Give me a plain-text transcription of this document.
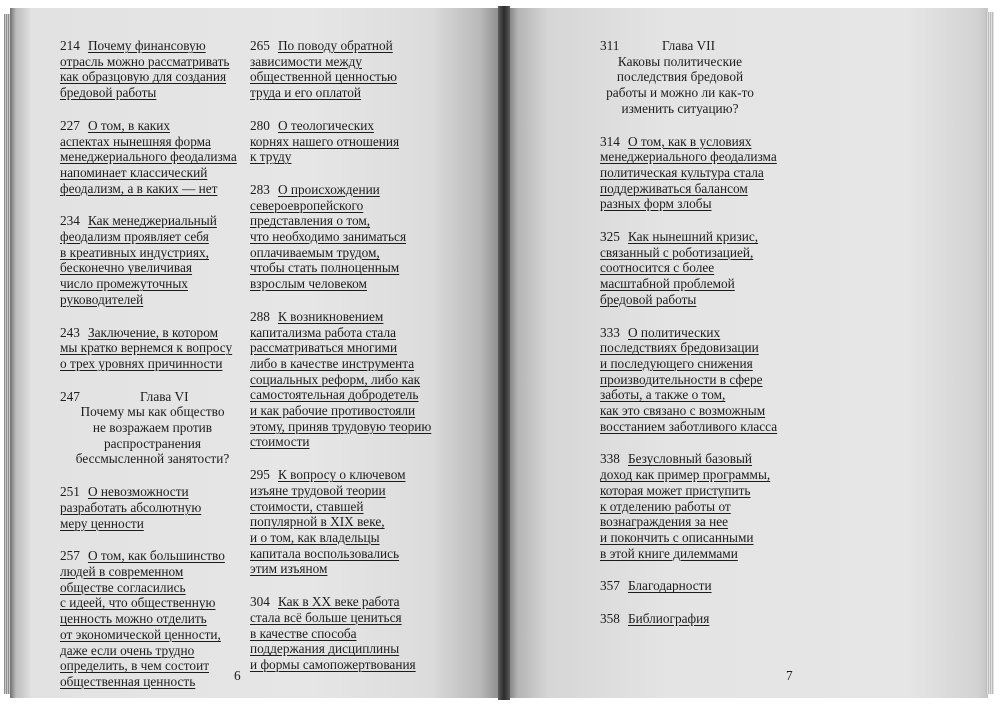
214 Почему финансовую
отрасль можно рассматривать
как образцовую для создания
бредовой работы
227 О том, в каких
аспектах нынешняя форма
менеджериального феодализма
напоминает классический
феодализм, а в каких — нет
234 Как менеджериальный
феодализм проявляет себя
в креативных индустриях,
бесконечно увеличивая
число промежуточных
руководителей
243 Заключение, в котором
мы кратко вернемся к вопросу
о трех уровнях причинности
247	Глава VI
Почему мы как общество
не возражаем против
распространения
бессмысленной занятости?
251 О невозможности
разработать абсолютную
меру ценности
257 О том, как большинство
людей в современном
обществе согласились
с идеей, что общественную
ценность можно отделить
от экономической ценности,
даже если очень трудно
определить, в чем состоит
общественная ценность
265 По поводу обратной
зависимости между
общественной ценностью
труда и его оплатой
280 О теологических
корнях нашего отношения
к труду
283 О происхождении
североевропейского
представления о том,
что необходимо заниматься
оплачиваемым трудом,
чтобы стать полноценным
взрослым человеком
288 К возникновением
капитализма работа стала
рассматриваться многими
либо в качестве инструмента
социальных реформ, либо как
самостоятельная добродетель
и как рабочие противостояли
этому, приняв трудовую теорию
стоимости
295 К вопросу о ключевом
изъяне трудовой теории
стоимости, ставшей
популярной в XIX веке,
и о том, как владельцы
капитала воспользовались
этим изъяном
304 Как в XX веке работа
стала всё больше цениться
в качестве способа
поддержания дисциплины
и формы самопожертвования
311	Глава VII
Каковы политические
последствия бредовой
работы и можно ли как-то
изменить ситуацию?
314 О том, как в условиях
менеджериального феодализма
политическая культура стала
поддерживаться балансом
разных форм злобы
325 Как нынешний кризис,
связанный с роботизацией,
соотносится с более
масштабной проблемой
бредовой работы
333 О политических
последствиях бредовизации
и последующего снижения
производительности в сфере
заботы, а также о том,
как это связано с возможным
восстанием заботливого класса
338 Безусловный базовый
доход как пример программы,
которая может приступить
к отделению работы от
вознаграждения за нее
и покончить с описанными
в этой книге дилеммами
357 Благодарности
358 Библиография
6	7
